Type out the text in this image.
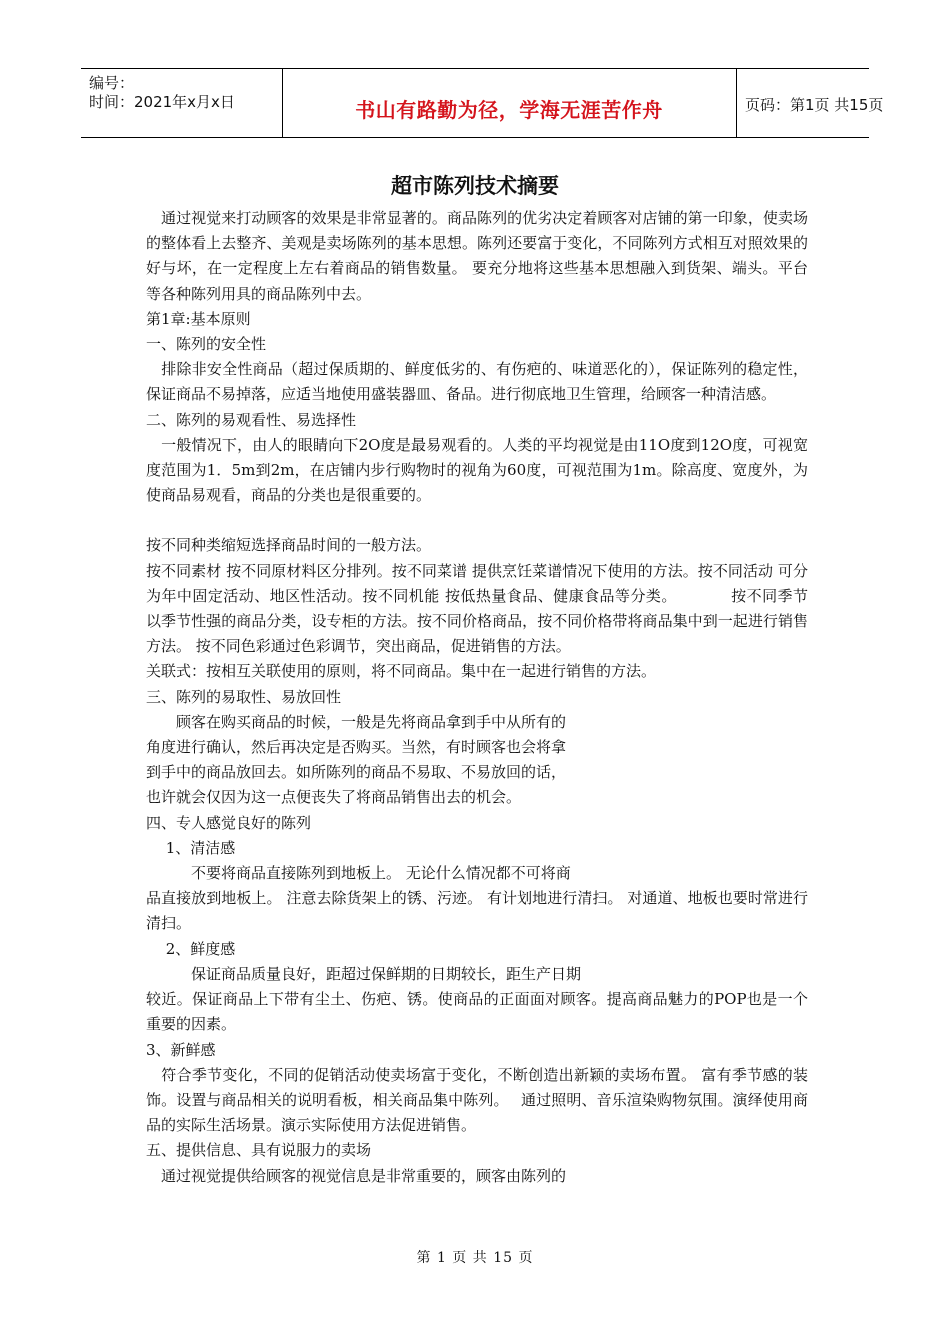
编号：
时间：2021年x月x日	书山有路勤为径，学海无涯苦作舟	页码：第1页 共15页
超市陈列技术摘要

　通过视觉来打动顾客的效果是非常显著的。商品陈列的优劣决定着顾客对店铺的第一印象，使卖场的整体看上去整齐、美观是卖场陈列的基本思想。陈列还要富于变化，不同陈列方式相互对照效果的好与坏，在一定程度上左右着商品的销售数量。 要充分地将这些基本思想融入到货架、端头。平台等各种陈列用具的商品陈列中去。

第1章:基本原则

一、陈列的安全性

　排除非安全性商品（超过保质期的、鲜度低劣的、有伤疤的、味道恶化的），保证陈列的稳定性，保证商品不易掉落，应适当地使用盛装器皿、备品。进行彻底地卫生管理，给顾客一种清洁感。

二、陈列的易观看性、易选择性

　一般情况下，由人的眼睛向下2O度是最易观看的。人类的平均视觉是由11O度到12O度，可视宽度范围为1．5m到2m，在店铺内步行购物时的视角为60度，可视范围为1m。除高度、宽度外，为使商品易观看，商品的分类也是很重要的。

按不同种类缩短选择商品时间的一般方法。

按不同素材 按不同原材料区分排列。按不同菜谱 提供烹饪菜谱情况下使用的方法。按不同活动 可分为年中固定活动、地区性活动。按不同机能 按低热量食品、健康食品等分类。　　　　按不同季节 以季节性强的商品分类，设专柜的方法。按不同价格商品，按不同价格带将商品集中到一起进行销售方法。 按不同色彩通过色彩调节，突出商品，促进销售的方法。

关联式：按相互关联使用的原则，将不同商品。集中在一起进行销售的方法。

三、陈列的易取性、易放回性

　　顾客在购买商品的时候，一般是先将商品拿到手中从所有的

角度进行确认，然后再决定是否购买。当然，有时顾客也会将拿

到手中的商品放回去。如所陈列的商品不易取、不易放回的话，

也许就会仅因为这一点便丧失了将商品销售出去的机会。

四、专人感觉良好的陈列

　 1、清洁感

　　　不要将商品直接陈列到地板上。 无论什么情况都不可将商

品直接放到地板上。 注意去除货架上的锈、污迹。 有计划地进行清扫。 对通道、地板也要时常进行清扫。

　 2、鲜度感

　　　保证商品质量良好，距超过保鲜期的日期较长，距生产日期

较近。保证商品上下带有尘土、伤疤、锈。使商品的正面面对顾客。提高商品魅力的POP也是一个重要的因素。

3、新鲜感

　符合季节变化，不同的促销活动使卖场富于变化，不断创造出新颖的卖场布置。 富有季节感的装饰。设置与商品相关的说明看板，相关商品集中陈列。　 通过照明、音乐渲染购物氛围。演绎使用商品的实际生活场景。演示实际使用方法促进销售。

五、提供信息、具有说服力的卖场

　通过视觉提供给顾客的视觉信息是非常重要的，顾客由陈列的

第 1 页 共 15 页
